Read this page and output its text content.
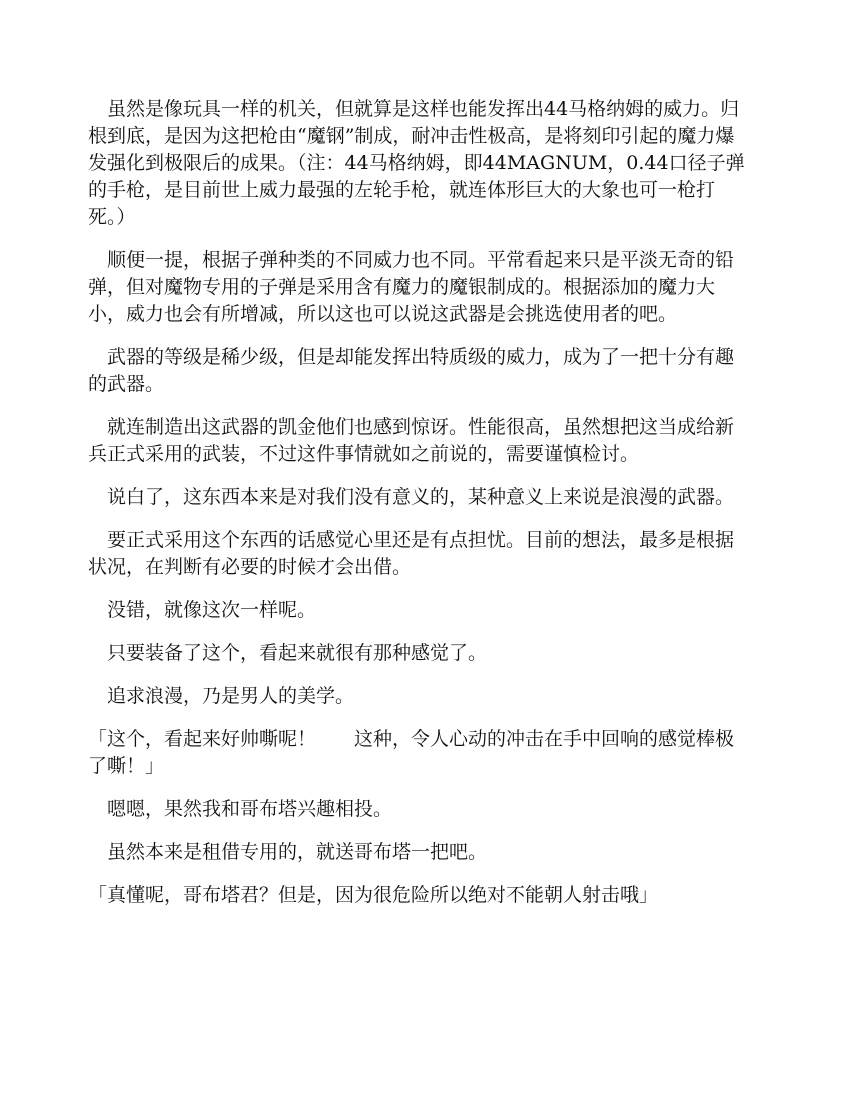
　虽然是像玩具一样的机关，但就算是这样也能发挥出44马格纳姆的威力。归根到底，是因为这把枪由“魔钢”制成，耐冲击性极高，是将刻印引起的魔力爆发强化到极限后的成果。（注：44马格纳姆，即44MAGNUM，0.44口径子弹的手枪，是目前世上威力最强的左轮手枪，就连体形巨大的大象也可一枪打死。）

　顺便一提，根据子弹种类的不同威力也不同。平常看起来只是平淡无奇的铅弹，但对魔物专用的子弹是采用含有魔力的魔银制成的。根据添加的魔力大小，威力也会有所增减，所以这也可以说这武器是会挑选使用者的吧。

　武器的等级是稀少级，但是却能发挥出特质级的威力，成为了一把十分有趣的武器。

　就连制造出这武器的凯金他们也感到惊讶。性能很高，虽然想把这当成给新兵正式采用的武装，不过这件事情就如之前说的，需要谨慎检讨。

　说白了，这东西本来是对我们没有意义的，某种意义上来说是浪漫的武器。

　要正式采用这个东西的话感觉心里还是有点担忧。目前的想法，最多是根据状况，在判断有必要的时候才会出借。

　没错，就像这次一样呢。

　只要装备了这个，看起来就很有那种感觉了。

　追求浪漫，乃是男人的美学。

「这个，看起来好帅嘶呢！　　这种，令人心动的冲击在手中回响的感觉棒极了嘶！」

　嗯嗯，果然我和哥布塔兴趣相投。

　虽然本来是租借专用的，就送哥布塔一把吧。

「真懂呢，哥布塔君？但是，因为很危险所以绝对不能朝人射击哦」
